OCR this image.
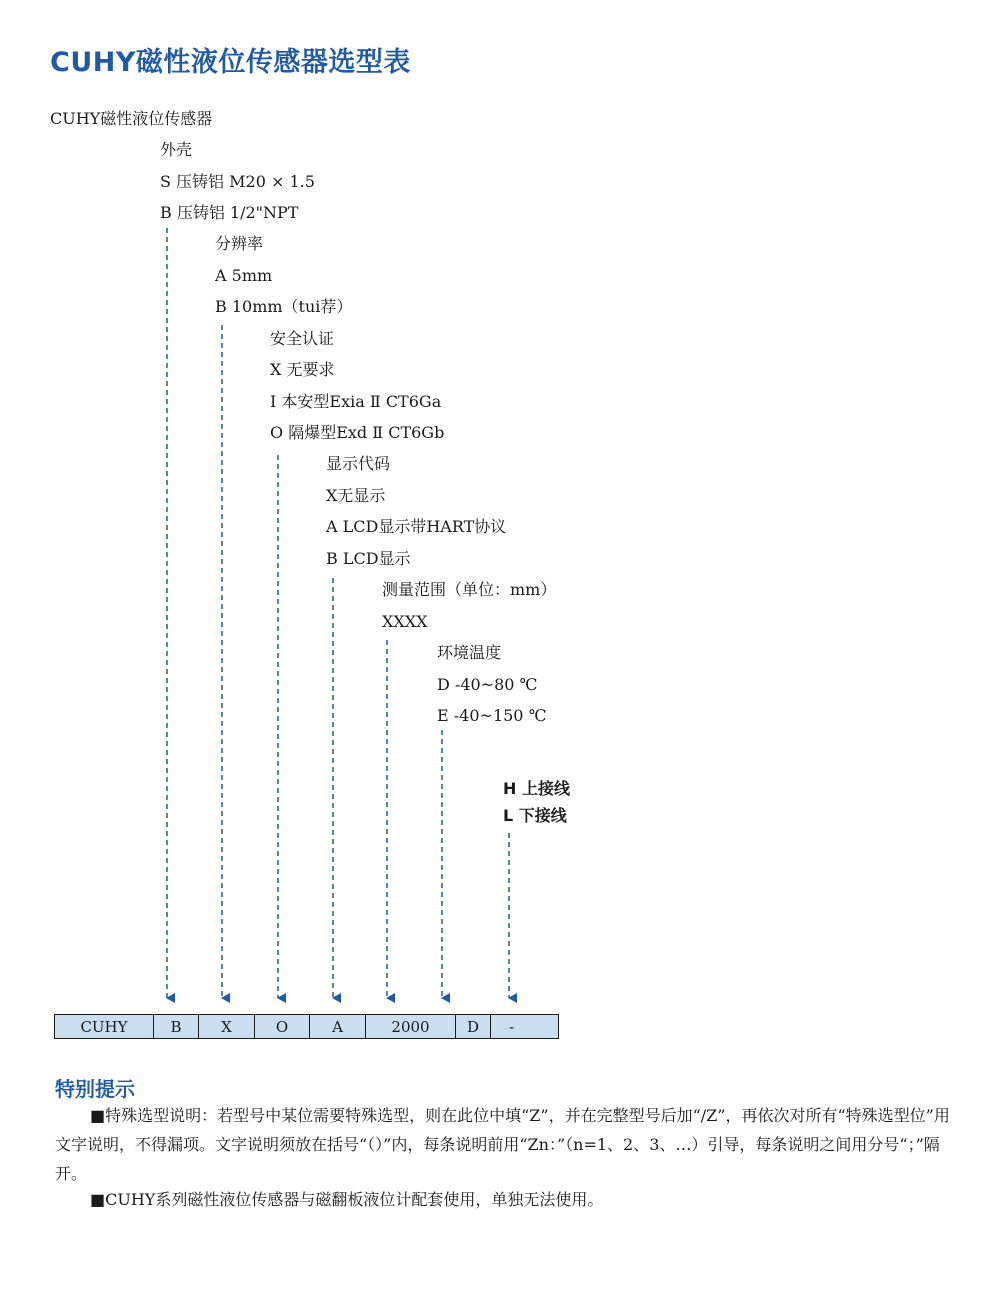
CUHY磁性液位传感器选型表
CUHY磁性液位传感器
外壳
S 压铸铝 M20 × 1.5
B 压铸铝 1/2"NPT
分辨率
A 5mm
B 10mm（tui荐）
安全认证
X 无要求
I 本安型Exia Ⅱ CT6Ga
O 隔爆型Exd Ⅱ CT6Gb
显示代码
X无显示
A LCD显示带HART协议
B LCD显示
测量范围（单位：mm）
XXXX
环境温度
D -40~80 ℃
E -40~150 ℃
H 上接线
L 下接线
CUHY	B	X	O	A	2000	D	-
特别提示
■特殊选型说明：若型号中某位需要特殊选型，则在此位中填“Z”，并在完整型号后加“/Z”，再依次对所有“特殊选型位”用文字说明，不得漏项。文字说明须放在括号“（）”内，每条说明前用“Zn：”（n=1、2、3、…）引导，每条说明之间用分号“；”隔开。
■CUHY系列磁性液位传感器与磁翻板液位计配套使用，单独无法使用。
